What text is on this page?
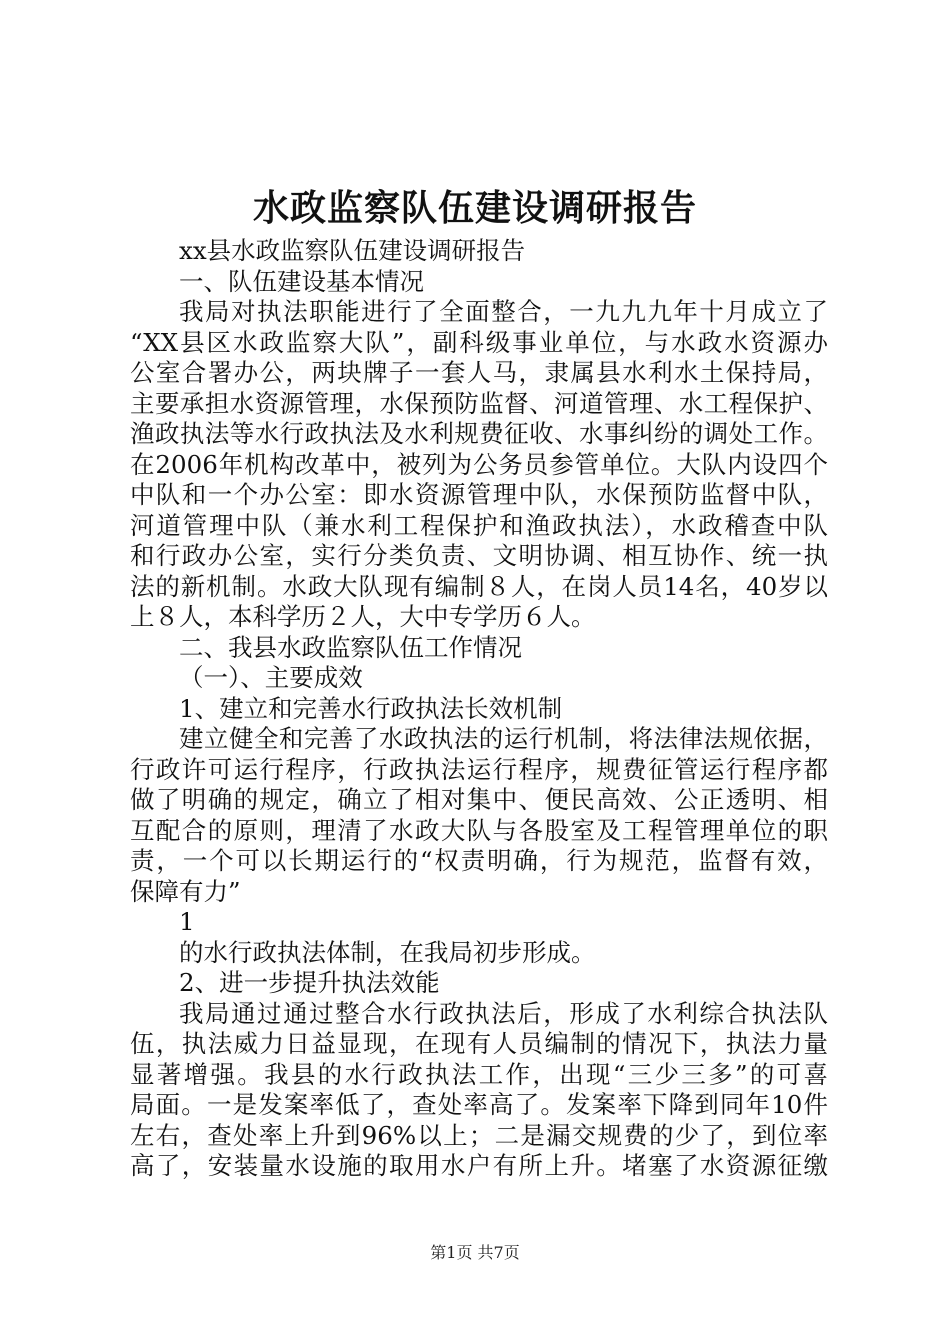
水政监察队伍建设调研报告
xx县水政监察队伍建设调研报告
一、队伍建设基本情况
我局对执法职能进行了全面整合，一九九九年十月成立了
“XX县区水政监察大队”，副科级事业单位，与水政水资源办
公室合署办公，两块牌子一套人马，隶属县水利水土保持局，
主要承担水资源管理，水保预防监督、河道管理、水工程保护、
渔政执法等水行政执法及水利规费征收、水事纠纷的调处工作。
在2006年机构改革中，被列为公务员参管单位。大队内设四个
中队和一个办公室：即水资源管理中队，水保预防监督中队，
河道管理中队（兼水利工程保护和渔政执法），水政稽查中队
和行政办公室，实行分类负责、文明协调、相互协作、统一执
法的新机制。水政大队现有编制８人，在岗人员14名，40岁以
上８人，本科学历２人，大中专学历６人。
二、我县水政监察队伍工作情况
（一）、主要成效
1、建立和完善水行政执法长效机制
建立健全和完善了水政执法的运行机制，将法律法规依据，
行政许可运行程序，行政执法运行程序，规费征管运行程序都
做了明确的规定，确立了相对集中、便民高效、公正透明、相
互配合的原则，理清了水政大队与各股室及工程管理单位的职
责，一个可以长期运行的“权责明确，行为规范，监督有效，
保障有力”
1
的水行政执法体制，在我局初步形成。
2、进一步提升执法效能
我局通过通过整合水行政执法后，形成了水利综合执法队
伍，执法威力日益显现，在现有人员编制的情况下，执法力量
显著增强。我县的水行政执法工作，出现“三少三多”的可喜
局面。一是发案率低了，查处率高了。发案率下降到同年10件
左右，查处率上升到96%以上；二是漏交规费的少了，到位率
高了，安装量水设施的取用水户有所上升。堵塞了水资源征缴
第1页 共7页
